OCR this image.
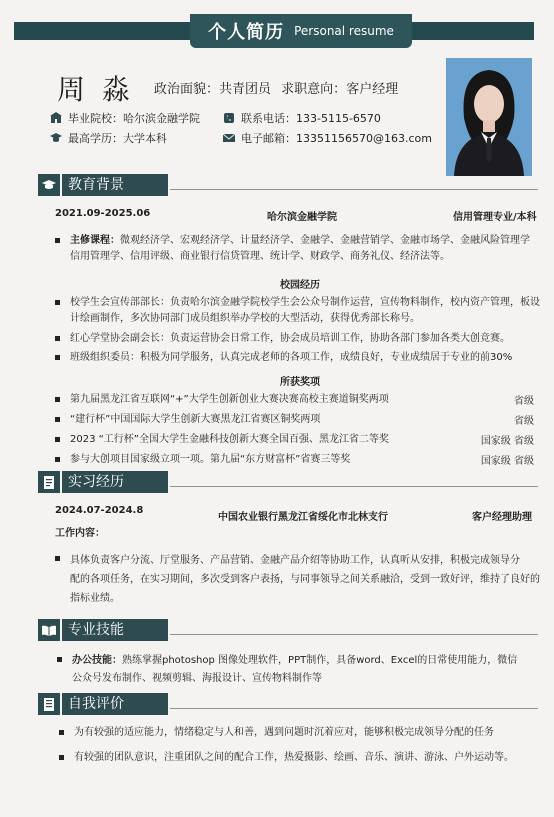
个人简历 Personal resume
周 淼 政治面貌：共青团员 求职意向：客户经理
毕业院校：哈尔滨金融学院
最高学历：大学本科
联系电话：133-5115-6570
电子邮箱：13351156570@163.com
教育背景
2021.09-2025.06	哈尔滨金融学院	信用管理专业/本科
主修课程：微观经济学、宏观经济学、计量经济学、金融学、金融营销学、金融市场学、金融风险管理学
信用管理学、信用评级、商业银行信贷管理、统计学、财政学、商务礼仪、经济法等。
校园经历
校学生会宣传部部长：负责哈尔滨金融学院校学生会公众号制作运营，宣传物料制作，校内资产管理，板设
计绘画制作，多次协同部门成员组织举办学校的大型活动，获得优秀部长称号。
红心学堂协会副会长：负责运营协会日常工作，协会成员培训工作，协助各部门参加各类大创竞赛。
班级组织委员：积极为同学服务，认真完成老师的各项工作，成绩良好，专业成绩居于专业的前30%
所获奖项
第九届黑龙江省互联网“+”大学生创新创业大赛决赛高校主赛道铜奖两项	省级
“建行杯”中国国际大学生创新大赛黑龙江省赛区铜奖两项	省级
2023 “工行杯”全国大学生金融科技创新大赛全国百强、黑龙江省二等奖	国家级 省级
参与大创项目国家级立项一项。第九届“东方财富杯”省赛三等奖	国家级 省级
实习经历
2024.07-2024.8
中国农业银行黑龙江省绥化市北林支行	客户经理助理
工作内容：
具体负责客户分流、厅堂服务、产品营销、金融产品介绍等协助工作，认真听从安排，积极完成领导分
配的各项任务，在实习期间，多次受到客户表扬，与同事领导之间关系融洽，受到一致好评，维持了良好的
指标业绩。
专业技能
办公技能：熟练掌握photoshop 图像处理软件，PPT制作，具备word、Excel的日常使用能力，微信
公众号发布制作、视频剪辑、海报设计、宣传物料制作等
自我评价
为有较强的适应能力，情绪稳定与人和善，遇到问题时沉着应对，能够积极完成领导分配的任务
有较强的团队意识，注重团队之间的配合工作，热爱摄影、绘画、音乐、演讲、游泳、户外运动等。
